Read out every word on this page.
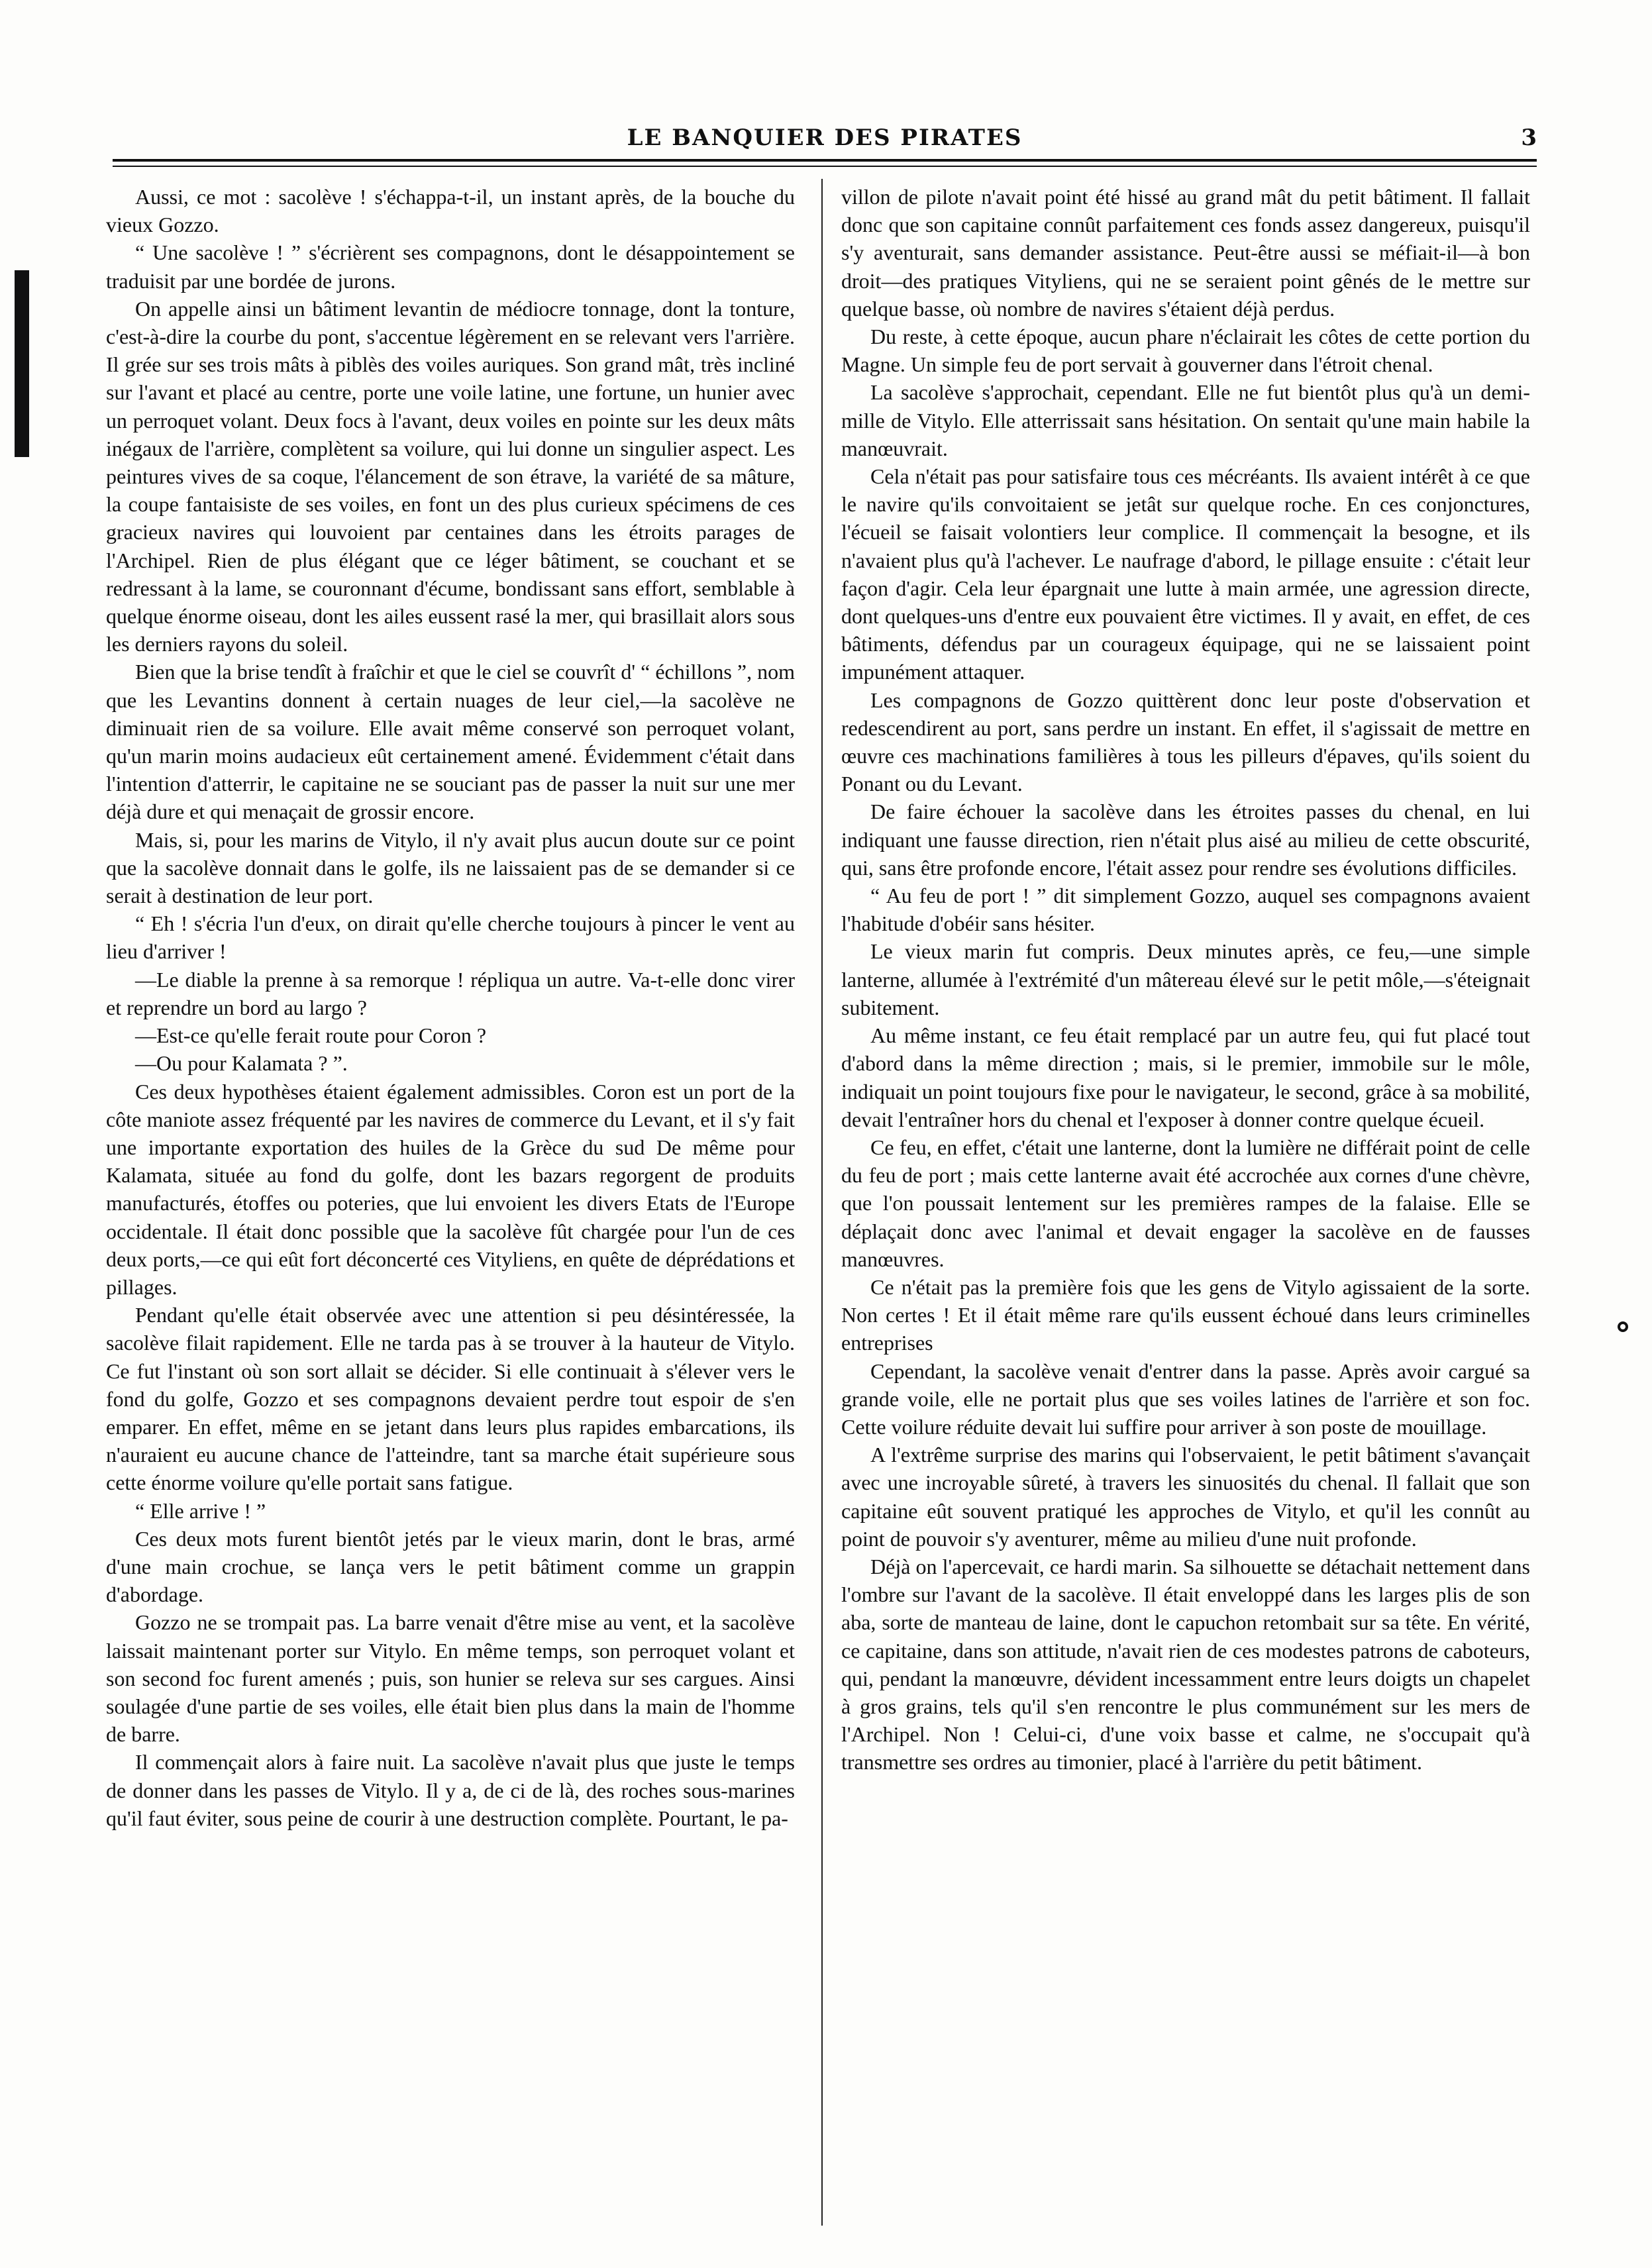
LE BANQUIER DES PIRATES	3

Aussi, ce mot : sacolève ! s'échappa-t-il, un instant après, de la bouche du vieux Gozzo.

“ Une sacolève ! ” s'écrièrent ses compagnons, dont le désappointement se traduisit par une bordée de jurons.

On appelle ainsi un bâtiment levantin de médiocre tonnage, dont la tonture, c'est-à-dire la courbe du pont, s'accentue légèrement en se relevant vers l'arrière. Il grée sur ses trois mâts à piblès des voiles auriques. Son grand mât, très incliné sur l'avant et placé au centre, porte une voile latine, une fortune, un hunier avec un perroquet volant. Deux focs à l'avant, deux voiles en pointe sur les deux mâts inégaux de l'arrière, complètent sa voilure, qui lui donne un singulier aspect. Les peintures vives de sa coque, l'élancement de son étrave, la variété de sa mâture, la coupe fantaisiste de ses voiles, en font un des plus curieux spécimens de ces gracieux navires qui louvoient par centaines dans les étroits parages de l'Archipel. Rien de plus élégant que ce léger bâtiment, se couchant et se redressant à la lame, se couronnant d'écume, bondissant sans effort, semblable à quelque énorme oiseau, dont les ailes eussent rasé la mer, qui brasillait alors sous les derniers rayons du soleil.

Bien que la brise tendît à fraîchir et que le ciel se couvrît d' “ échillons ”, nom que les Levantins donnent à certain nuages de leur ciel,—la sacolève ne diminuait rien de sa voilure. Elle avait même conservé son perroquet volant, qu'un marin moins audacieux eût certainement amené. Évidemment c'était dans l'intention d'atterrir, le capitaine ne se souciant pas de passer la nuit sur une mer déjà dure et qui menaçait de grossir encore.

Mais, si, pour les marins de Vitylo, il n'y avait plus aucun doute sur ce point que la sacolève donnait dans le golfe, ils ne laissaient pas de se demander si ce serait à destination de leur port.

“ Eh ! s'écria l'un d'eux, on dirait qu'elle cherche toujours à pincer le vent au lieu d'arriver !

—Le diable la prenne à sa remorque ! répliqua un autre. Va-t-elle donc virer et reprendre un bord au largo ?

—Est-ce qu'elle ferait route pour Coron ?

—Ou pour Kalamata ? ”.

Ces deux hypothèses étaient également admissibles. Coron est un port de la côte maniote assez fréquenté par les navires de commerce du Levant, et il s'y fait une importante exportation des huiles de la Grèce du sud De même pour Kalamata, située au fond du golfe, dont les bazars regorgent de produits manufacturés, étoffes ou poteries, que lui envoient les divers Etats de l'Europe occidentale. Il était donc possible que la sacolève fût chargée pour l'un de ces deux ports,—ce qui eût fort déconcerté ces Vityliens, en quête de déprédations et pillages.

Pendant qu'elle était observée avec une attention si peu désintéressée, la sacolève filait rapidement. Elle ne tarda pas à se trouver à la hauteur de Vitylo. Ce fut l'instant où son sort allait se décider. Si elle continuait à s'élever vers le fond du golfe, Gozzo et ses compagnons devaient perdre tout espoir de s'en emparer. En effet, même en se jetant dans leurs plus rapides embarcations, ils n'auraient eu aucune chance de l'atteindre, tant sa marche était supérieure sous cette énorme voilure qu'elle portait sans fatigue.

“ Elle arrive ! ”

Ces deux mots furent bientôt jetés par le vieux marin, dont le bras, armé d'une main crochue, se lança vers le petit bâtiment comme un grappin d'abordage.

Gozzo ne se trompait pas. La barre venait d'être mise au vent, et la sacolève laissait maintenant porter sur Vitylo. En même temps, son perroquet volant et son second foc furent amenés ; puis, son hunier se releva sur ses cargues. Ainsi soulagée d'une partie de ses voiles, elle était bien plus dans la main de l'homme de barre.

Il commençait alors à faire nuit. La sacolève n'avait plus que juste le temps de donner dans les passes de Vitylo. Il y a, de ci de là, des roches sous-marines qu'il faut éviter, sous peine de courir à une destruction complète. Pourtant, le pa-

villon de pilote n'avait point été hissé au grand mât du petit bâtiment. Il fallait donc que son capitaine connût parfaitement ces fonds assez dangereux, puisqu'il s'y aventurait, sans demander assistance. Peut-être aussi se méfiait-il—à bon droit—des pratiques Vityliens, qui ne se seraient point gênés de le mettre sur quelque basse, où nombre de navires s'étaient déjà perdus.

Du reste, à cette époque, aucun phare n'éclairait les côtes de cette portion du Magne. Un simple feu de port servait à gouverner dans l'étroit chenal.

La sacolève s'approchait, cependant. Elle ne fut bientôt plus qu'à un demi-mille de Vitylo. Elle atterrissait sans hésitation. On sentait qu'une main habile la manœuvrait.

Cela n'était pas pour satisfaire tous ces mécréants. Ils avaient intérêt à ce que le navire qu'ils convoitaient se jetât sur quelque roche. En ces conjonctures, l'écueil se faisait volontiers leur complice. Il commençait la besogne, et ils n'avaient plus qu'à l'achever. Le naufrage d'abord, le pillage ensuite : c'était leur façon d'agir. Cela leur épargnait une lutte à main armée, une agression directe, dont quelques-uns d'entre eux pouvaient être victimes. Il y avait, en effet, de ces bâtiments, défendus par un courageux équipage, qui ne se laissaient point impunément attaquer.

Les compagnons de Gozzo quittèrent donc leur poste d'observation et redescendirent au port, sans perdre un instant. En effet, il s'agissait de mettre en œuvre ces machinations familières à tous les pilleurs d'épaves, qu'ils soient du Ponant ou du Levant.

De faire échouer la sacolève dans les étroites passes du chenal, en lui indiquant une fausse direction, rien n'était plus aisé au milieu de cette obscurité, qui, sans être profonde encore, l'était assez pour rendre ses évolutions difficiles.

“ Au feu de port ! ” dit simplement Gozzo, auquel ses compagnons avaient l'habitude d'obéir sans hésiter.

Le vieux marin fut compris. Deux minutes après, ce feu,—une simple lanterne, allumée à l'extrémité d'un mâtereau élevé sur le petit môle,—s'éteignait subitement.

Au même instant, ce feu était remplacé par un autre feu, qui fut placé tout d'abord dans la même direction ; mais, si le premier, immobile sur le môle, indiquait un point toujours fixe pour le navigateur, le second, grâce à sa mobilité, devait l'entraîner hors du chenal et l'exposer à donner contre quelque écueil.

Ce feu, en effet, c'était une lanterne, dont la lumière ne différait point de celle du feu de port ; mais cette lanterne avait été accrochée aux cornes d'une chèvre, que l'on poussait lentement sur les premières rampes de la falaise. Elle se déplaçait donc avec l'animal et devait engager la sacolève en de fausses manœuvres.

Ce n'était pas la première fois que les gens de Vitylo agissaient de la sorte. Non certes ! Et il était même rare qu'ils eussent échoué dans leurs criminelles entreprises

Cependant, la sacolève venait d'entrer dans la passe. Après avoir cargué sa grande voile, elle ne portait plus que ses voiles latines de l'arrière et son foc. Cette voilure réduite devait lui suffire pour arriver à son poste de mouillage.

A l'extrême surprise des marins qui l'observaient, le petit bâtiment s'avançait avec une incroyable sûreté, à travers les sinuosités du chenal. Il fallait que son capitaine eût souvent pratiqué les approches de Vitylo, et qu'il les connût au point de pouvoir s'y aventurer, même au milieu d'une nuit profonde.

Déjà on l'apercevait, ce hardi marin. Sa silhouette se détachait nettement dans l'ombre sur l'avant de la sacolève. Il était enveloppé dans les larges plis de son aba, sorte de manteau de laine, dont le capuchon retombait sur sa tête. En vérité, ce capitaine, dans son attitude, n'avait rien de ces modestes patrons de caboteurs, qui, pendant la manœuvre, dévident incessamment entre leurs doigts un chapelet à gros grains, tels qu'il s'en rencontre le plus communément sur les mers de l'Archipel. Non ! Celui-ci, d'une voix basse et calme, ne s'occupait qu'à transmettre ses ordres au timonier, placé à l'arrière du petit bâtiment.
